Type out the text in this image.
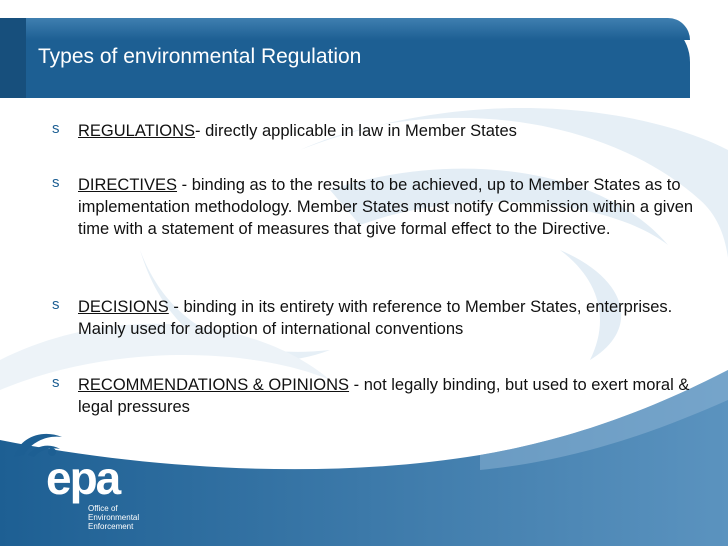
Types of environmental Regulation
s REGULATIONS- directly applicable in law in Member States
s DIRECTIVES - binding as to the results to be achieved, up to Member States as to implementation methodology. Member States must notify Commission within a given time with a statement of measures that give formal effect to the Directive.
s DECISIONS - binding in its entirety with reference to Member States, enterprises. Mainly used for adoption of international conventions
s RECOMMENDATIONS & OPINIONS - not legally binding, but used to exert moral & legal pressures
epa
Office of
Environmental
Enforcement
